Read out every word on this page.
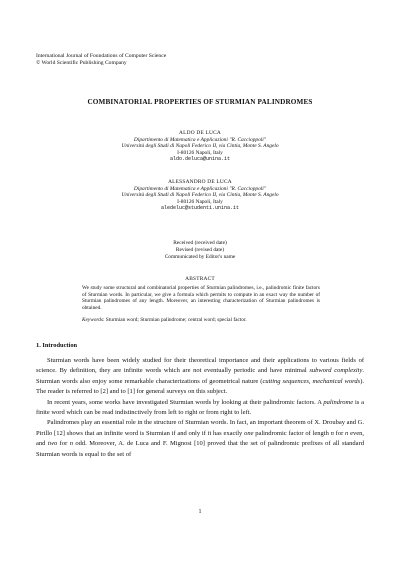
International Journal of Foundations of Computer Science
© World Scientific Publishing Company
COMBINATORIAL PROPERTIES OF STURMIAN PALINDROMES
ALDO DE LUCA
Dipartimento di Matematica e Applicazioni "R. Caccioppoli"
Università degli Studi di Napoli Federico II, via Cintia, Monte S. Angelo
I-80126 Napoli, Italy
aldo.deluca@unina.it
ALESSANDRO DE LUCA
Dipartimento di Matematica e Applicazioni "R. Caccioppoli"
Università degli Studi di Napoli Federico II, via Cintia, Monte S. Angelo
I-80126 Napoli, Italy
aledeluc@studenti.unina.it
Received (received date)
Revised (revised date)
Communicated by Editor's name
ABSTRACT
We study some structural and combinatorial properties of Sturmian palindromes, i.e., palindromic finite factors of Sturmian words. In particular, we give a formula which permits to compute in an exact way the number of Sturmian palindromes of any length. Moreover, an interesting characterization of Sturmian palindromes is obtained.
Keywords: Sturmian word; Sturmian palindrome; central word; special factor.
1. Introduction

Sturmian words have been widely studied for their theoretical importance and their applications to various fields of science. By definition, they are infinite words which are not eventually periodic and have minimal subword complexity. Sturmian words also enjoy some remarkable characterizations of geometrical nature (cutting sequences, mechanical words). The reader is referred to [2] and to [1] for general surveys on this subject.

In recent years, some works have investigated Sturmian words by looking at their palindromic factors. A palindrome is a finite word which can be read indistinctively from left to right or from right to left.

Palindromes play an essential role in the structure of Sturmian words. In fact, an important theorem of X. Droubay and G. Pirillo [12] shows that an infinite word is Sturmian if and only if it has exactly one palindromic factor of length n for n even, and two for n odd. Moreover, A. de Luca and F. Mignosi [10] proved that the set of palindromic prefixes of all standard Sturmian words is equal to the set of

1
